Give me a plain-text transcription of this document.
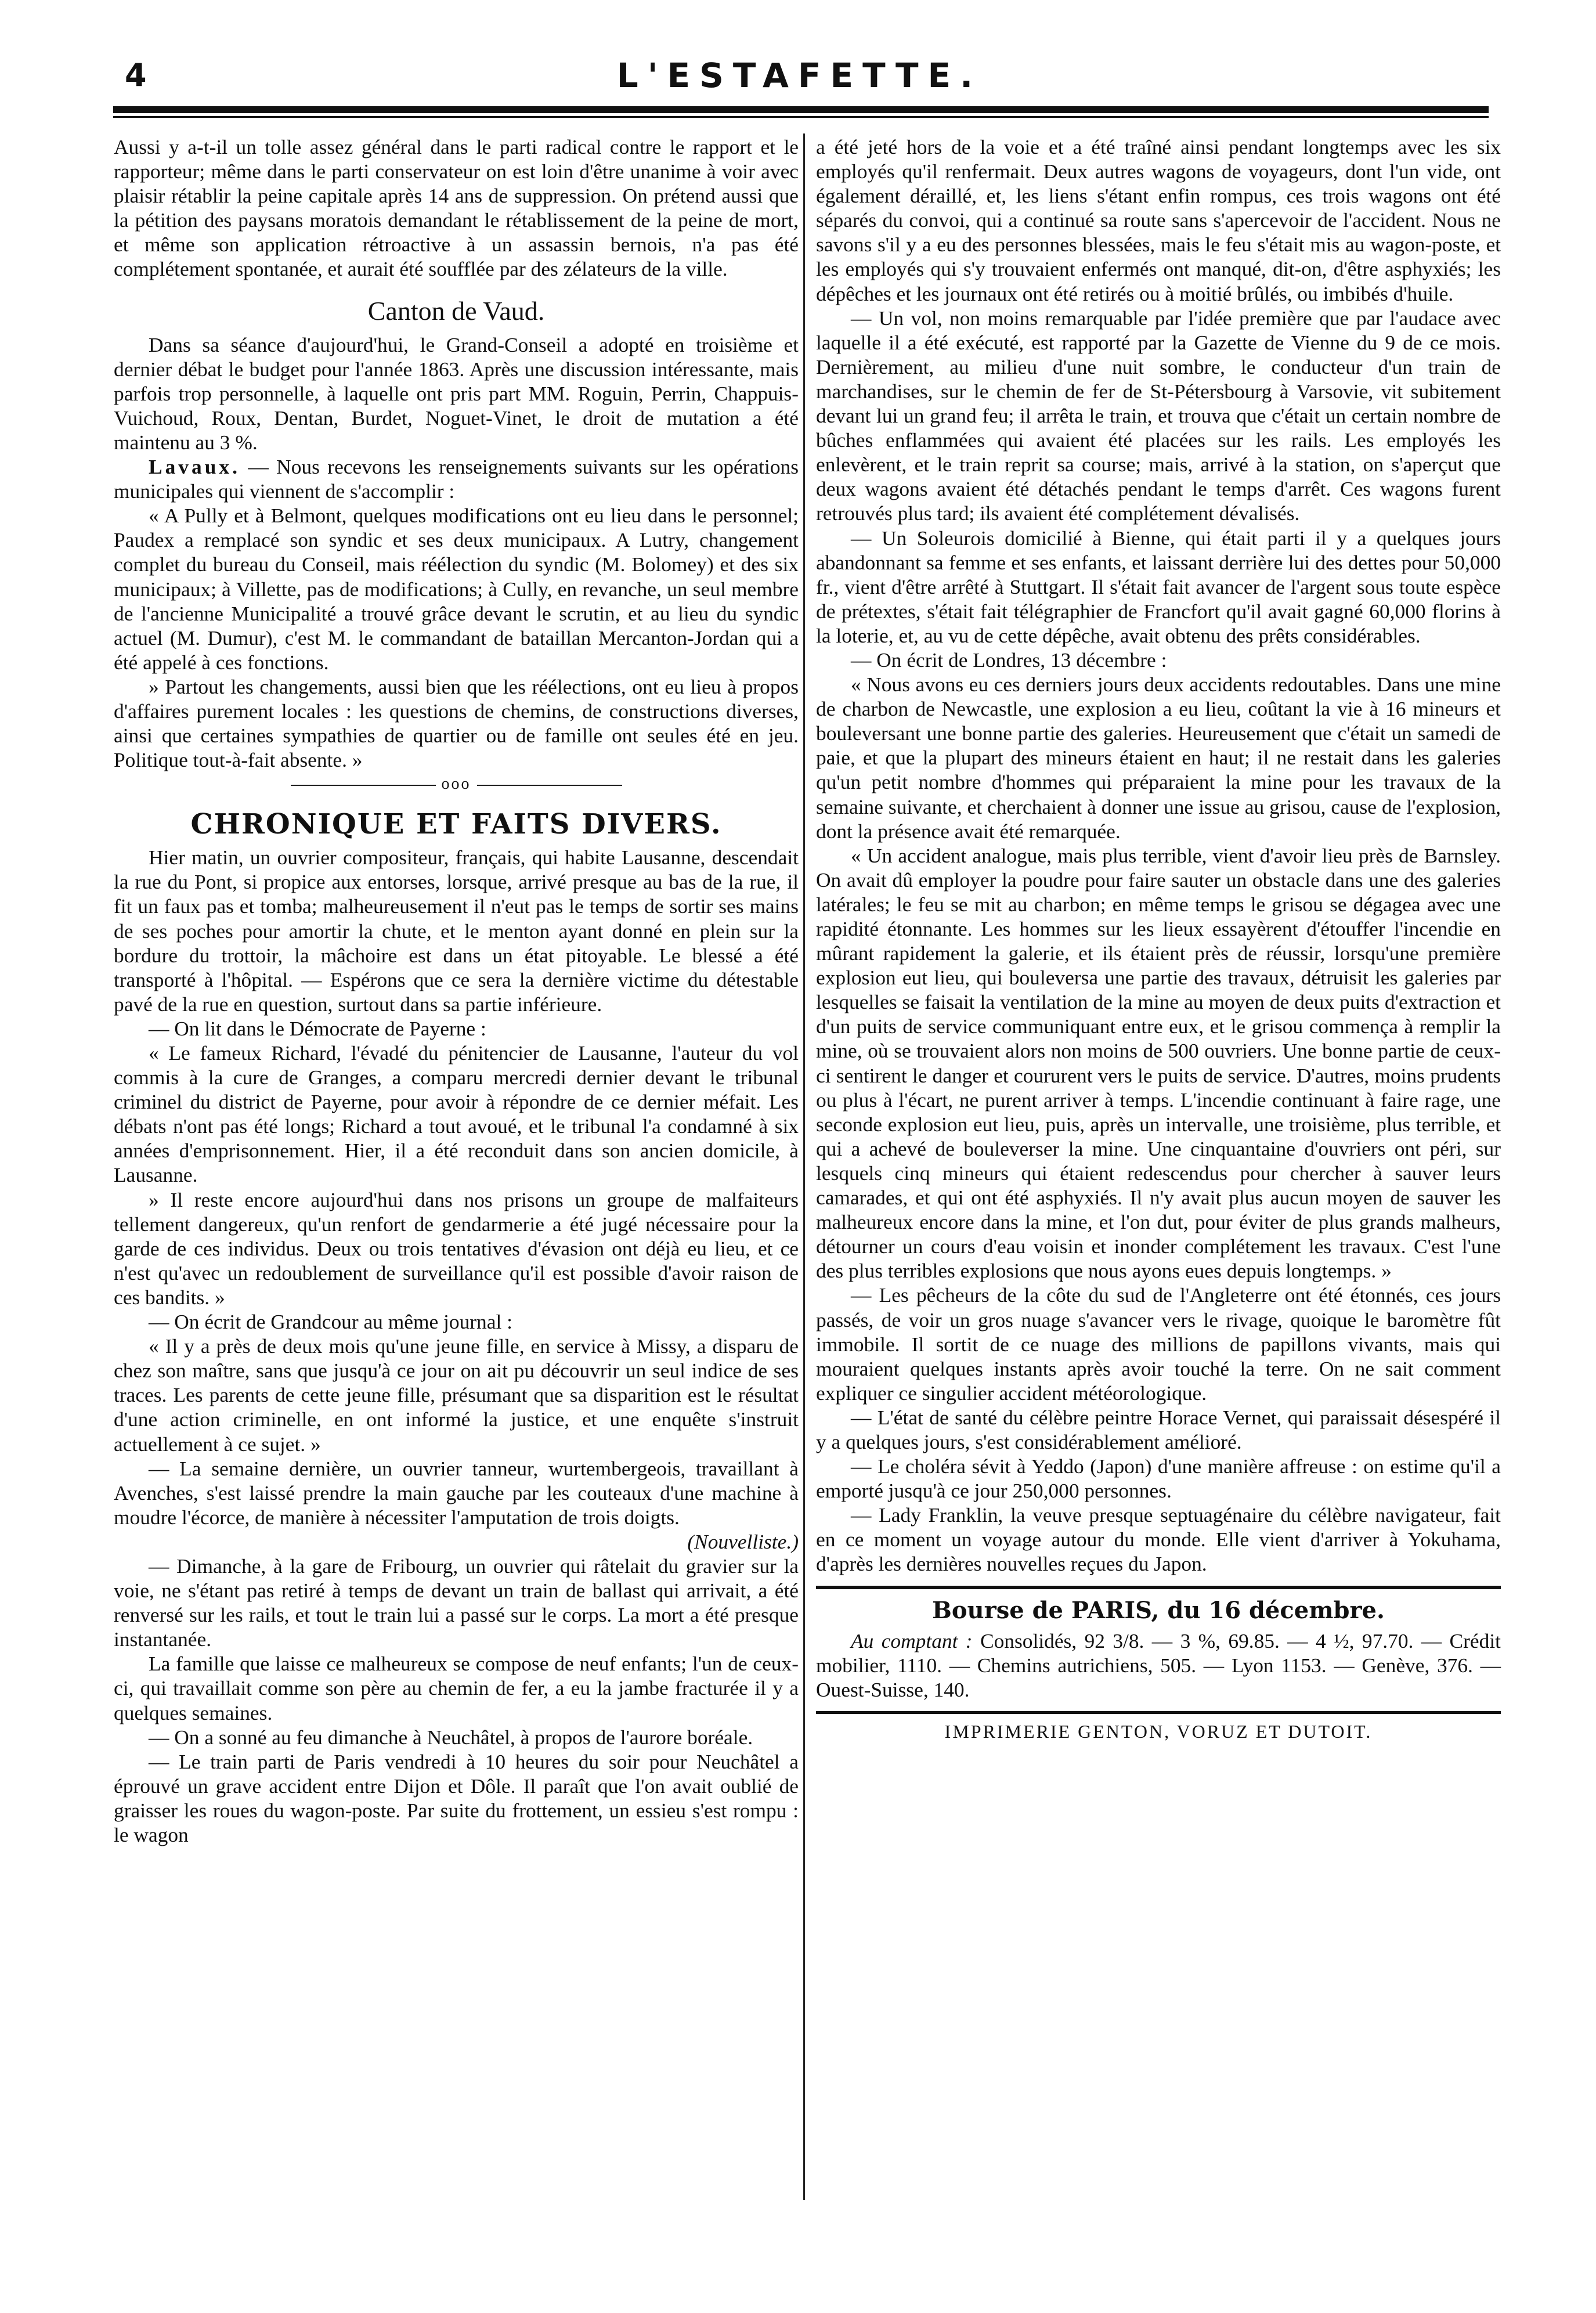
4	L'ESTAFETTE.

Aussi y a-t-il un tolle assez général dans le parti radical contre le rapport et le rapporteur; même dans le parti conservateur on est loin d'être unanime à voir avec plaisir rétablir la peine capitale après 14 ans de suppression. On prétend aussi que la pétition des paysans moratois demandant le rétablissement de la peine de mort, et même son application rétroactive à un assassin bernois, n'a pas été complétement spontanée, et aurait été soufflée par des zélateurs de la ville.

Canton de Vaud.

Dans sa séance d'aujourd'hui, le Grand-Conseil a adopté en troisième et dernier débat le budget pour l'année 1863. Après une discussion intéressante, mais parfois trop personnelle, à laquelle ont pris part MM. Roguin, Perrin, Chappuis-Vuichoud, Roux, Dentan, Burdet, Noguet-Vinet, le droit de mutation a été maintenu au 3 %.

Lavaux. — Nous recevons les renseignements suivants sur les opérations municipales qui viennent de s'accomplir :

« A Pully et à Belmont, quelques modifications ont eu lieu dans le personnel; Paudex a remplacé son syndic et ses deux municipaux. A Lutry, changement complet du bureau du Conseil, mais réélection du syndic (M. Bolomey) et des six municipaux; à Villette, pas de modifications; à Cully, en revanche, un seul membre de l'ancienne Municipalité a trouvé grâce devant le scrutin, et au lieu du syndic actuel (M. Dumur), c'est M. le commandant de bataillan Mercanton-Jordan qui a été appelé à ces fonctions.

» Partout les changements, aussi bien que les réélections, ont eu lieu à propos d'affaires purement locales : les questions de chemins, de constructions diverses, ainsi que certaines sympathies de quartier ou de famille ont seules été en jeu. Politique tout-à-fait absente. »

ooo
CHRONIQUE ET FAITS DIVERS.

Hier matin, un ouvrier compositeur, français, qui habite Lausanne, descendait la rue du Pont, si propice aux entorses, lorsque, arrivé presque au bas de la rue, il fit un faux pas et tomba; malheureusement il n'eut pas le temps de sortir ses mains de ses poches pour amortir la chute, et le menton ayant donné en plein sur la bordure du trottoir, la mâchoire est dans un état pitoyable. Le blessé a été transporté à l'hôpital. — Espérons que ce sera la dernière victime du détestable pavé de la rue en question, surtout dans sa partie inférieure.

— On lit dans le Démocrate de Payerne :

« Le fameux Richard, l'évadé du pénitencier de Lausanne, l'auteur du vol commis à la cure de Granges, a comparu mercredi dernier devant le tribunal criminel du district de Payerne, pour avoir à répondre de ce dernier méfait. Les débats n'ont pas été longs; Richard a tout avoué, et le tribunal l'a condamné à six années d'emprisonnement. Hier, il a été reconduit dans son ancien domicile, à Lausanne.

» Il reste encore aujourd'hui dans nos prisons un groupe de malfaiteurs tellement dangereux, qu'un renfort de gendarmerie a été jugé nécessaire pour la garde de ces individus. Deux ou trois tentatives d'évasion ont déjà eu lieu, et ce n'est qu'avec un redoublement de surveillance qu'il est possible d'avoir raison de ces bandits. »

— On écrit de Grandcour au même journal :

« Il y a près de deux mois qu'une jeune fille, en service à Missy, a disparu de chez son maître, sans que jusqu'à ce jour on ait pu découvrir un seul indice de ses traces. Les parents de cette jeune fille, présumant que sa disparition est le résultat d'une action criminelle, en ont informé la justice, et une enquête s'instruit actuellement à ce sujet. »

— La semaine dernière, un ouvrier tanneur, wurtembergeois, travaillant à Avenches, s'est laissé prendre la main gauche par les couteaux d'une machine à moudre l'écorce, de manière à nécessiter l'amputation de trois doigts.
(Nouvelliste.)

— Dimanche, à la gare de Fribourg, un ouvrier qui râtelait du gravier sur la voie, ne s'étant pas retiré à temps de devant un train de ballast qui arrivait, a été renversé sur les rails, et tout le train lui a passé sur le corps. La mort a été presque instantanée.

La famille que laisse ce malheureux se compose de neuf enfants; l'un de ceux-ci, qui travaillait comme son père au chemin de fer, a eu la jambe fracturée il y a quelques semaines.

— On a sonné au feu dimanche à Neuchâtel, à propos de l'aurore boréale.

— Le train parti de Paris vendredi à 10 heures du soir pour Neuchâtel a éprouvé un grave accident entre Dijon et Dôle. Il paraît que l'on avait oublié de graisser les roues du wagon-poste. Par suite du frottement, un essieu s'est rompu : le wagon

a été jeté hors de la voie et a été traîné ainsi pendant longtemps avec les six employés qu'il renfermait. Deux autres wagons de voyageurs, dont l'un vide, ont également déraillé, et, les liens s'étant enfin rompus, ces trois wagons ont été séparés du convoi, qui a continué sa route sans s'apercevoir de l'accident. Nous ne savons s'il y a eu des personnes blessées, mais le feu s'était mis au wagon-poste, et les employés qui s'y trouvaient enfermés ont manqué, dit-on, d'être asphyxiés; les dépêches et les journaux ont été retirés ou à moitié brûlés, ou imbibés d'huile.

— Un vol, non moins remarquable par l'idée première que par l'audace avec laquelle il a été exécuté, est rapporté par la Gazette de Vienne du 9 de ce mois. Dernièrement, au milieu d'une nuit sombre, le conducteur d'un train de marchandises, sur le chemin de fer de St-Pétersbourg à Varsovie, vit subitement devant lui un grand feu; il arrêta le train, et trouva que c'était un certain nombre de bûches enflammées qui avaient été placées sur les rails. Les employés les enlevèrent, et le train reprit sa course; mais, arrivé à la station, on s'aperçut que deux wagons avaient été détachés pendant le temps d'arrêt. Ces wagons furent retrouvés plus tard; ils avaient été complétement dévalisés.

— Un Soleurois domicilié à Bienne, qui était parti il y a quelques jours abandonnant sa femme et ses enfants, et laissant derrière lui des dettes pour 50,000 fr., vient d'être arrêté à Stuttgart. Il s'était fait avancer de l'argent sous toute espèce de prétextes, s'était fait télégraphier de Francfort qu'il avait gagné 60,000 florins à la loterie, et, au vu de cette dépêche, avait obtenu des prêts considérables.

— On écrit de Londres, 13 décembre :

« Nous avons eu ces derniers jours deux accidents redoutables. Dans une mine de charbon de Newcastle, une explosion a eu lieu, coûtant la vie à 16 mineurs et bouleversant une bonne partie des galeries. Heureusement que c'était un samedi de paie, et que la plupart des mineurs étaient en haut; il ne restait dans les galeries qu'un petit nombre d'hommes qui préparaient la mine pour les travaux de la semaine suivante, et cherchaient à donner une issue au grisou, cause de l'explosion, dont la présence avait été remarquée.

« Un accident analogue, mais plus terrible, vient d'avoir lieu près de Barnsley. On avait dû employer la poudre pour faire sauter un obstacle dans une des galeries latérales; le feu se mit au charbon; en même temps le grisou se dégagea avec une rapidité étonnante. Les hommes sur les lieux essayèrent d'étouffer l'incendie en mûrant rapidement la galerie, et ils étaient près de réussir, lorsqu'une première explosion eut lieu, qui bouleversa une partie des travaux, détruisit les galeries par lesquelles se faisait la ventilation de la mine au moyen de deux puits d'extraction et d'un puits de service communiquant entre eux, et le grisou commença à remplir la mine, où se trouvaient alors non moins de 500 ouvriers. Une bonne partie de ceux-ci sentirent le danger et coururent vers le puits de service. D'autres, moins prudents ou plus à l'écart, ne purent arriver à temps. L'incendie continuant à faire rage, une seconde explosion eut lieu, puis, après un intervalle, une troisième, plus terrible, et qui a achevé de bouleverser la mine. Une cinquantaine d'ouvriers ont péri, sur lesquels cinq mineurs qui étaient redescendus pour chercher à sauver leurs camarades, et qui ont été asphyxiés. Il n'y avait plus aucun moyen de sauver les malheureux encore dans la mine, et l'on dut, pour éviter de plus grands malheurs, détourner un cours d'eau voisin et inonder complétement les travaux. C'est l'une des plus terribles explosions que nous ayons eues depuis longtemps. »

— Les pêcheurs de la côte du sud de l'Angleterre ont été étonnés, ces jours passés, de voir un gros nuage s'avancer vers le rivage, quoique le baromètre fût immobile. Il sortit de ce nuage des millions de papillons vivants, mais qui mouraient quelques instants après avoir touché la terre. On ne sait comment expliquer ce singulier accident météorologique.

— L'état de santé du célèbre peintre Horace Vernet, qui paraissait désespéré il y a quelques jours, s'est considérablement amélioré.

— Le choléra sévit à Yeddo (Japon) d'une manière affreuse : on estime qu'il a emporté jusqu'à ce jour 250,000 personnes.

— Lady Franklin, la veuve presque septuagénaire du célèbre navigateur, fait en ce moment un voyage autour du monde. Elle vient d'arriver à Yokuhama, d'après les dernières nouvelles reçues du Japon.

Bourse de PARIS, du 16 décembre.

Au comptant : Consolidés, 92 3/8. — 3 %, 69.85. — 4 ½, 97.70. — Crédit mobilier, 1110. — Chemins autrichiens, 505. — Lyon 1153. — Genève, 376. — Ouest-Suisse, 140.

IMPRIMERIE GENTON, VORUZ ET DUTOIT.
